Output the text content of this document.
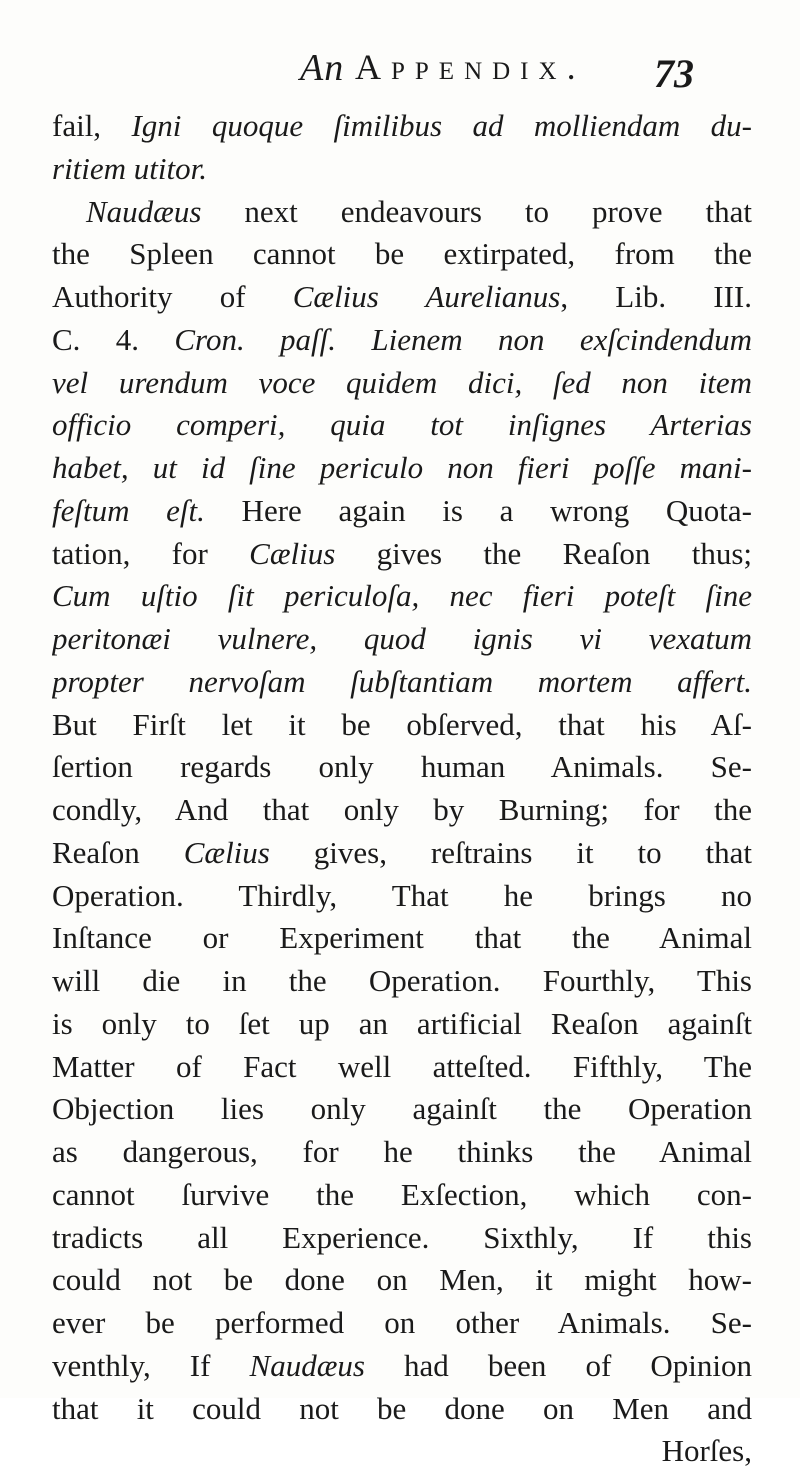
An Appendix. 73
fail, Igni quoque ſimilibus ad molliendam du-
ritiem utitor.
Naudæus next endeavours to prove that
the Spleen cannot be extirpated, from the
Authority of Cælius Aurelianus, Lib. III.
C. 4. Cron. paſſ. Lienem non exſcindendum
vel urendum voce quidem dici, ſed non item
officio comperi, quia tot inſignes Arterias
habet, ut id ſine periculo non fieri poſſe mani-
feſtum eſt. Here again is a wrong Quota-
tation, for Cælius gives the Reaſon thus;
Cum uſtio ſit periculoſa, nec fieri poteſt ſine
peritonæi vulnere, quod ignis vi vexatum
propter nervoſam ſubſtantiam mortem affert.
But Firſt let it be obſerved, that his Aſ-
ſertion regards only human Animals. Se-
condly, And that only by Burning; for the
Reaſon Cælius gives, reſtrains it to that
Operation. Thirdly, That he brings no
Inſtance or Experiment that the Animal
will die in the Operation. Fourthly, This
is only to ſet up an artificial Reaſon againſt
Matter of Fact well atteſted. Fifthly, The
Objection lies only againſt the Operation
as dangerous, for he thinks the Animal
cannot ſurvive the Exſection, which con-
tradicts all Experience. Sixthly, If this
could not be done on Men, it might how-
ever be performed on other Animals. Se-
venthly, If Naudæus had been of Opinion
that it could not be done on Men and
Horſes,
